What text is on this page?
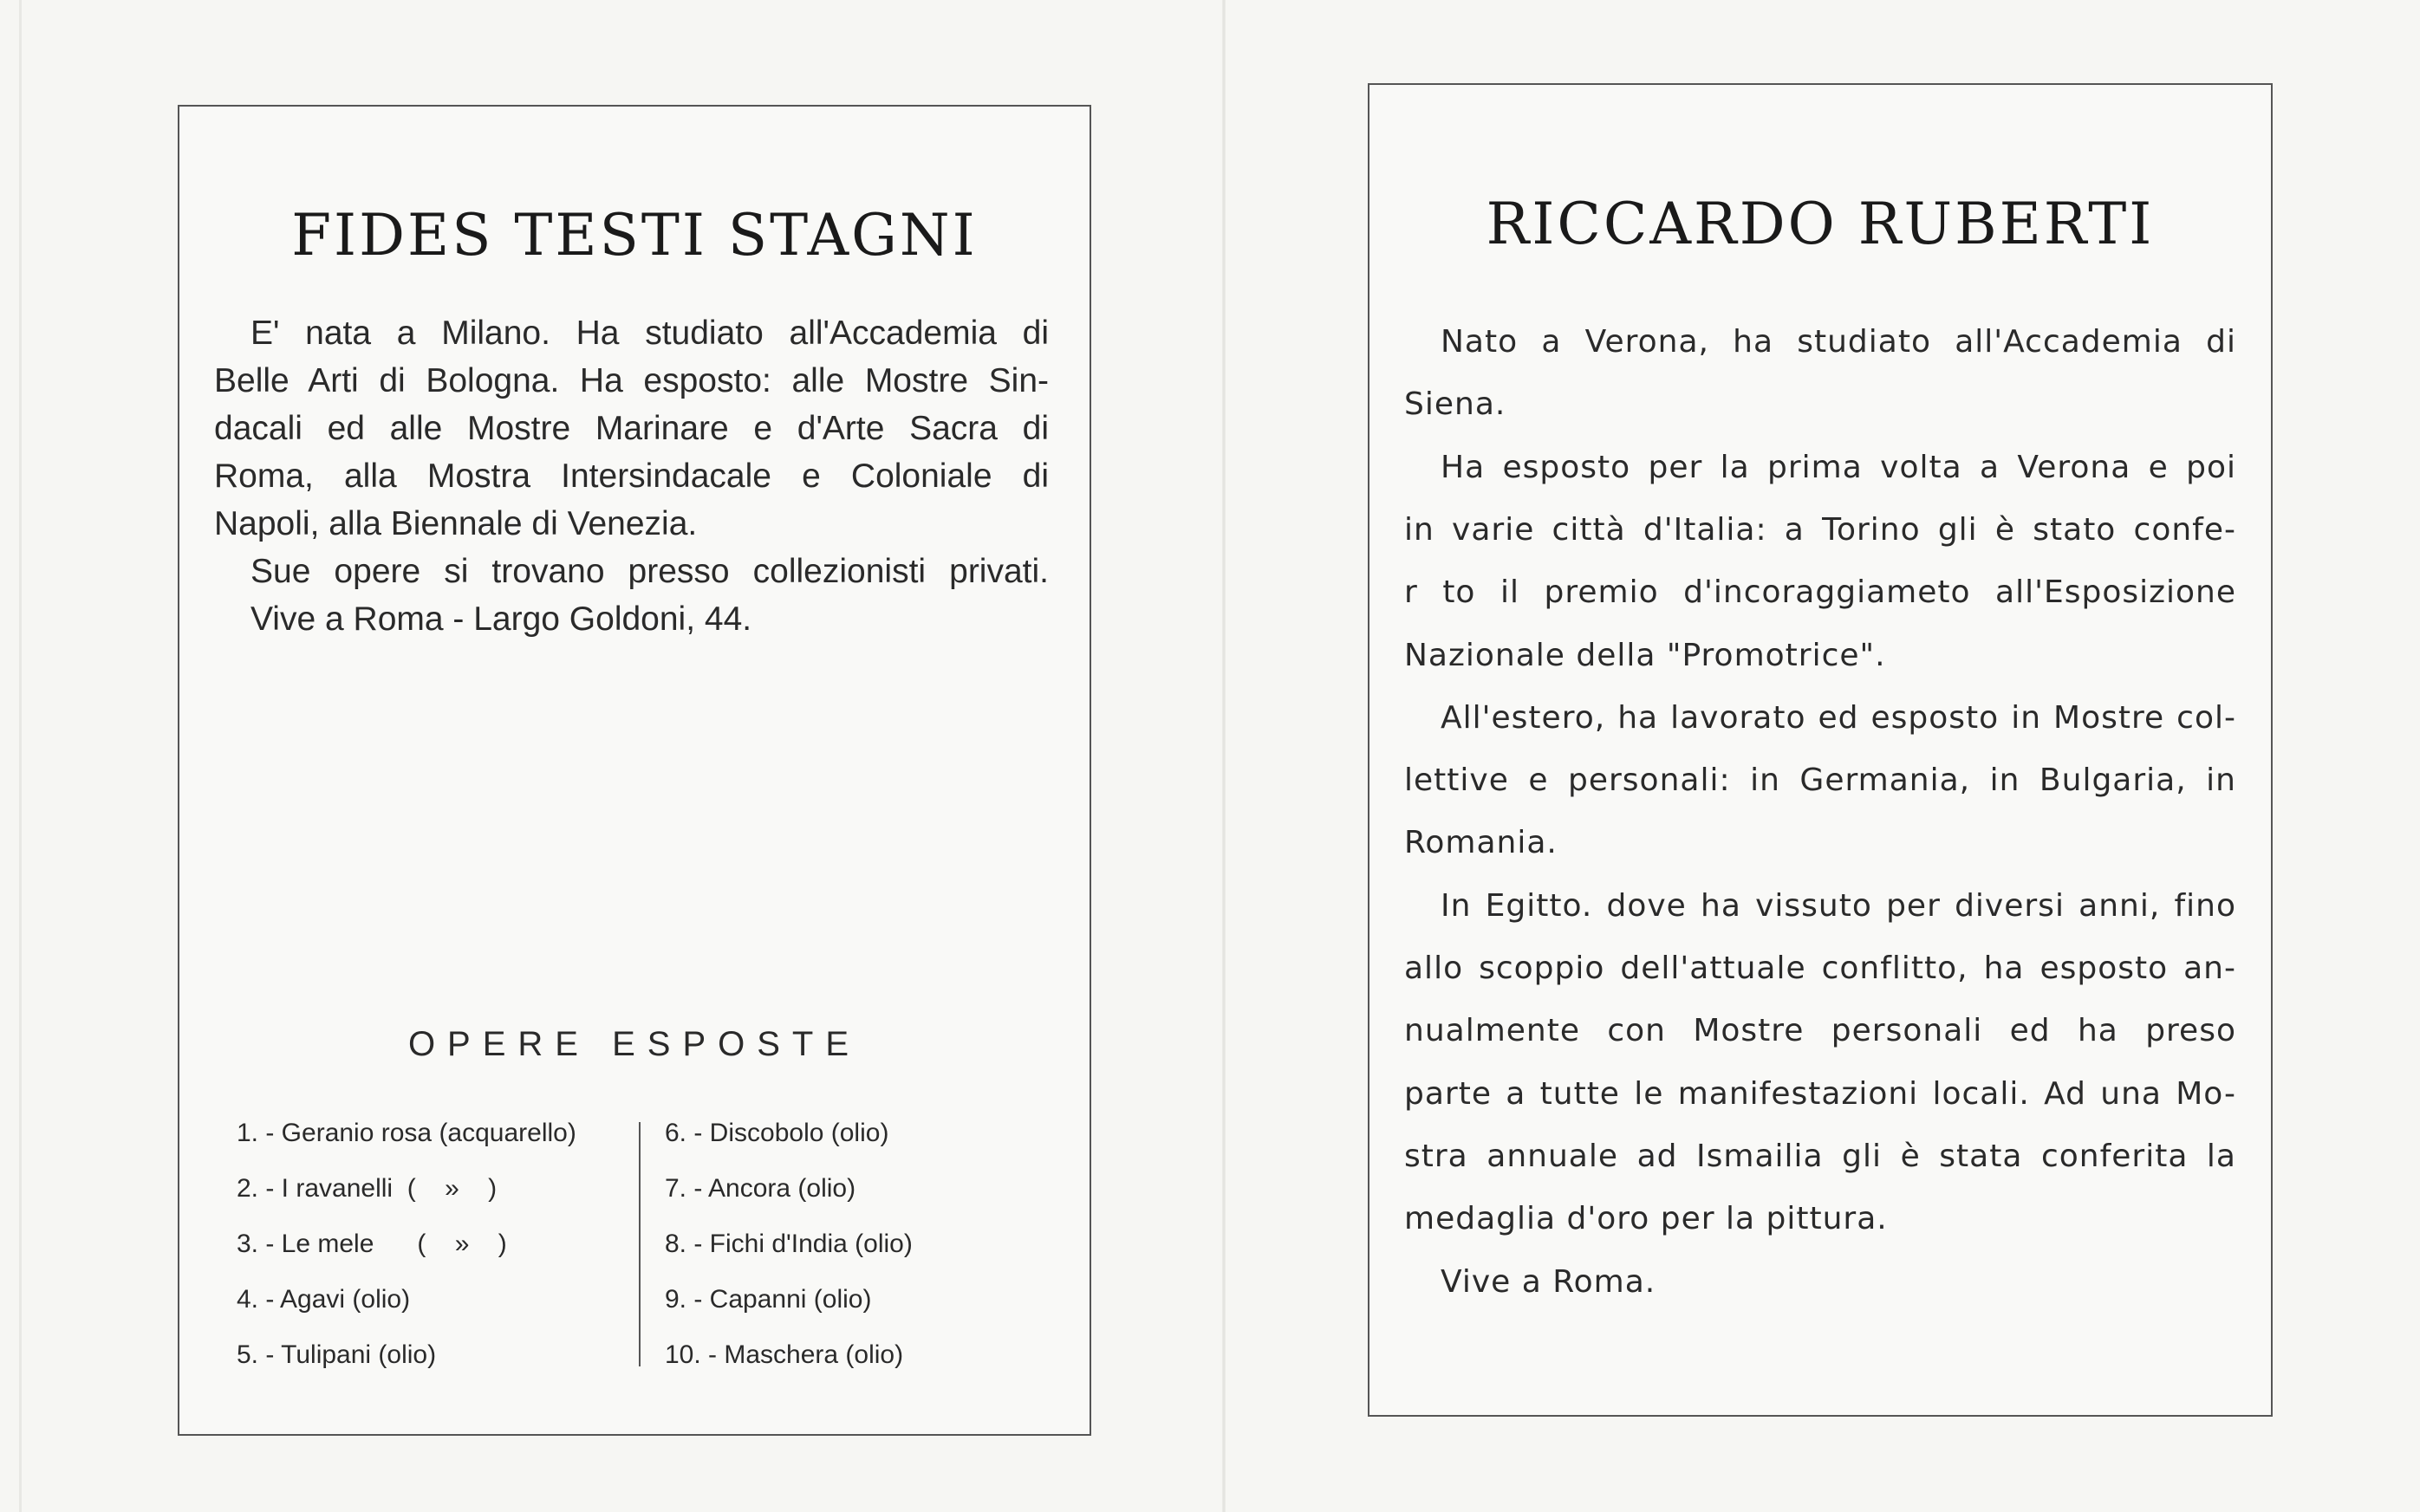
FIDES TESTI STAGNI
E' nata a Milano. Ha studiato all'Accademia di
Belle Arti di Bologna. Ha esposto: alle Mostre Sin-
dacali ed alle Mostre Marinare e d'Arte Sacra di
Roma, alla Mostra Intersindacale e Coloniale di
Napoli, alla Biennale di Venezia.
Sue opere si trovano presso collezionisti privati.
Vive a Roma - Largo Goldoni, 44.
OPERE ESPOSTE
1. - Geranio rosa (acquarello)
2. - I ravanelli  (    »    )
3. - Le mele      (    »    )
4. - Agavi (olio)
5. - Tulipani (olio)
6. - Discobolo (olio)
7. - Ancora (olio)
8. - Fichi d'India (olio)
9. - Capanni (olio)
10. - Maschera (olio)
RICCARDO RUBERTI
Nato a Verona, ha studiato all'Accademia di
Siena.
Ha esposto per la prima volta a Verona e poi
in varie città d'Italia: a Torino gli è stato confe-
r to il premio d'incoraggiameto all'Esposizione
Nazionale della "Promotrice".
All'estero, ha lavorato ed esposto in Mostre col-
lettive e personali: in Germania, in Bulgaria, in
Romania.
In Egitto. dove ha vissuto per diversi anni, fino
allo scoppio dell'attuale conflitto, ha esposto an-
nualmente con Mostre personali ed ha preso
parte a tutte le manifestazioni locali. Ad una Mo-
stra annuale ad Ismailia gli è stata conferita la
medaglia d'oro per la pittura.
Vive a Roma.
